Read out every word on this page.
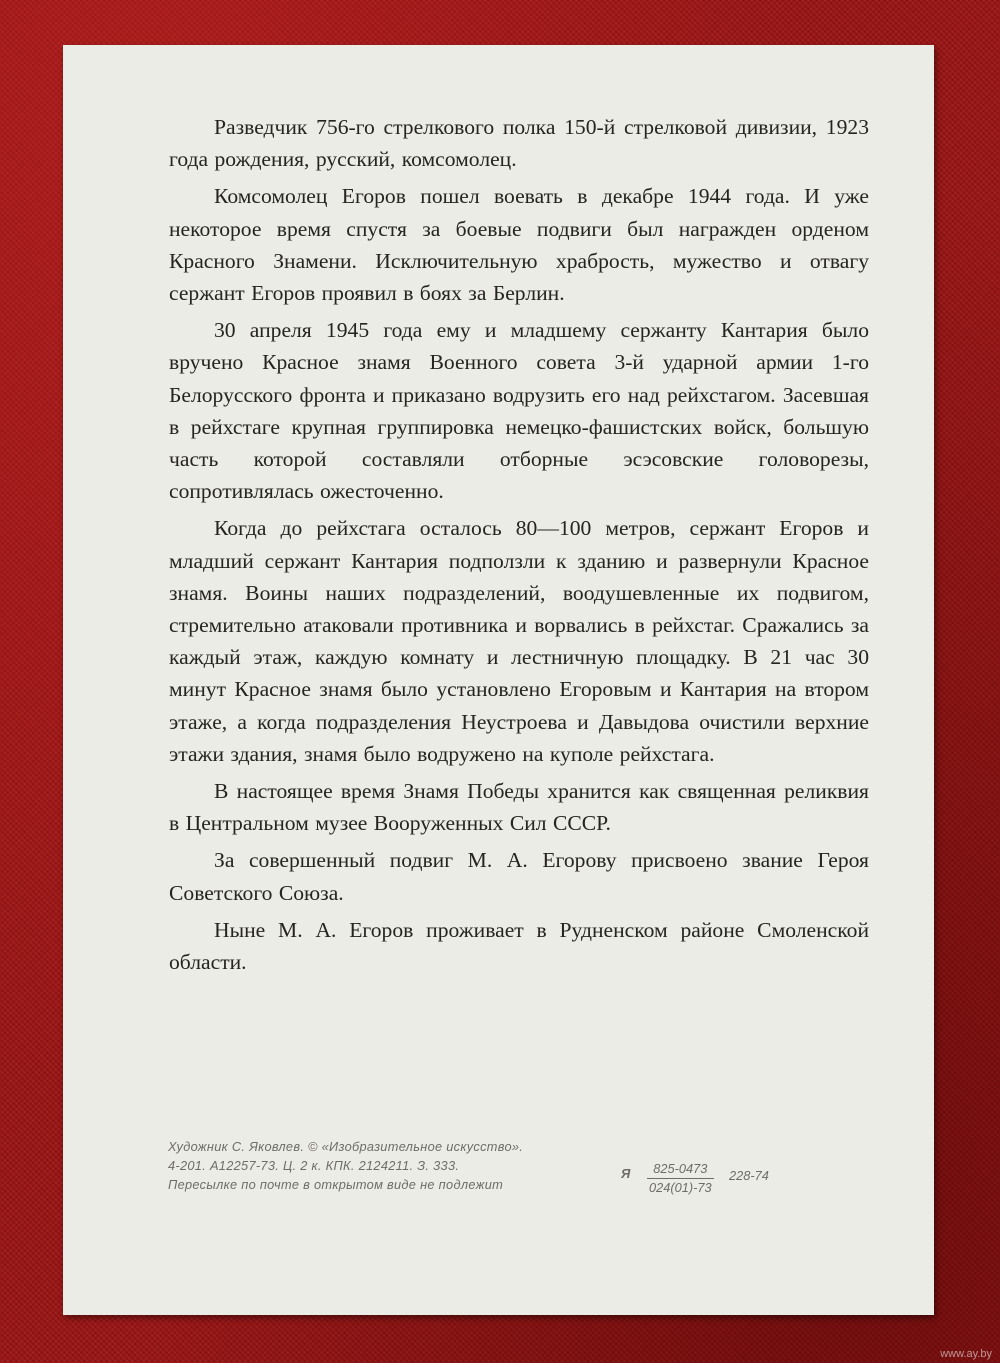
Разведчик 756-го стрелкового полка 150-й стрелковой дивизии, 1923 года рождения, русский, комсомолец.

Комсомолец Егоров пошел воевать в декабре 1944 года. И уже некоторое время спустя за боевые подвиги был награжден орденом Красного Знамени. Исключительную храбрость, мужество и отвагу сержант Егоров проявил в боях за Берлин.

30 апреля 1945 года ему и младшему сержанту Кантария было вручено Красное знамя Военного совета 3-й ударной армии 1-го Белорусского фронта и приказано водрузить его над рейхстагом. Засевшая в рейхстаге крупная группировка немецко-фашистских войск, большую часть которой составляли отборные эсэсовские головорезы, сопротивлялась ожесточенно.

Когда до рейхстага осталось 80—100 метров, сержант Егоров и младший сержант Кантария подползли к зданию и развернули Красное знамя. Воины наших подразделений, воодушевленные их подвигом, стремительно атаковали противника и ворвались в рейхстаг. Сражались за каждый этаж, каждую комнату и лестничную площадку. В 21 час 30 минут Красное знамя было установлено Егоровым и Кантария на втором этаже, а когда подразделения Неустроева и Давыдова очистили верхние этажи здания, знамя было водружено на куполе рейхстага.

В настоящее время Знамя Победы хранится как священная реликвия в Центральном музее Вооруженных Сил СССР.

За совершенный подвиг М. А. Егорову присвоено звание Героя Советского Союза.

Ныне М. А. Егоров проживает в Рудненском районе Смоленской области.

Художник С. Яковлев. © «Изобразительное искусство».
4-201. А12257-73. Ц. 2 к. КПК. 2124211. З. 333.
Пересылке по почте в открытом виде не подлежит
Я $\frac{825-0473}{024(01)-73} 228-74$
www.ay.by
